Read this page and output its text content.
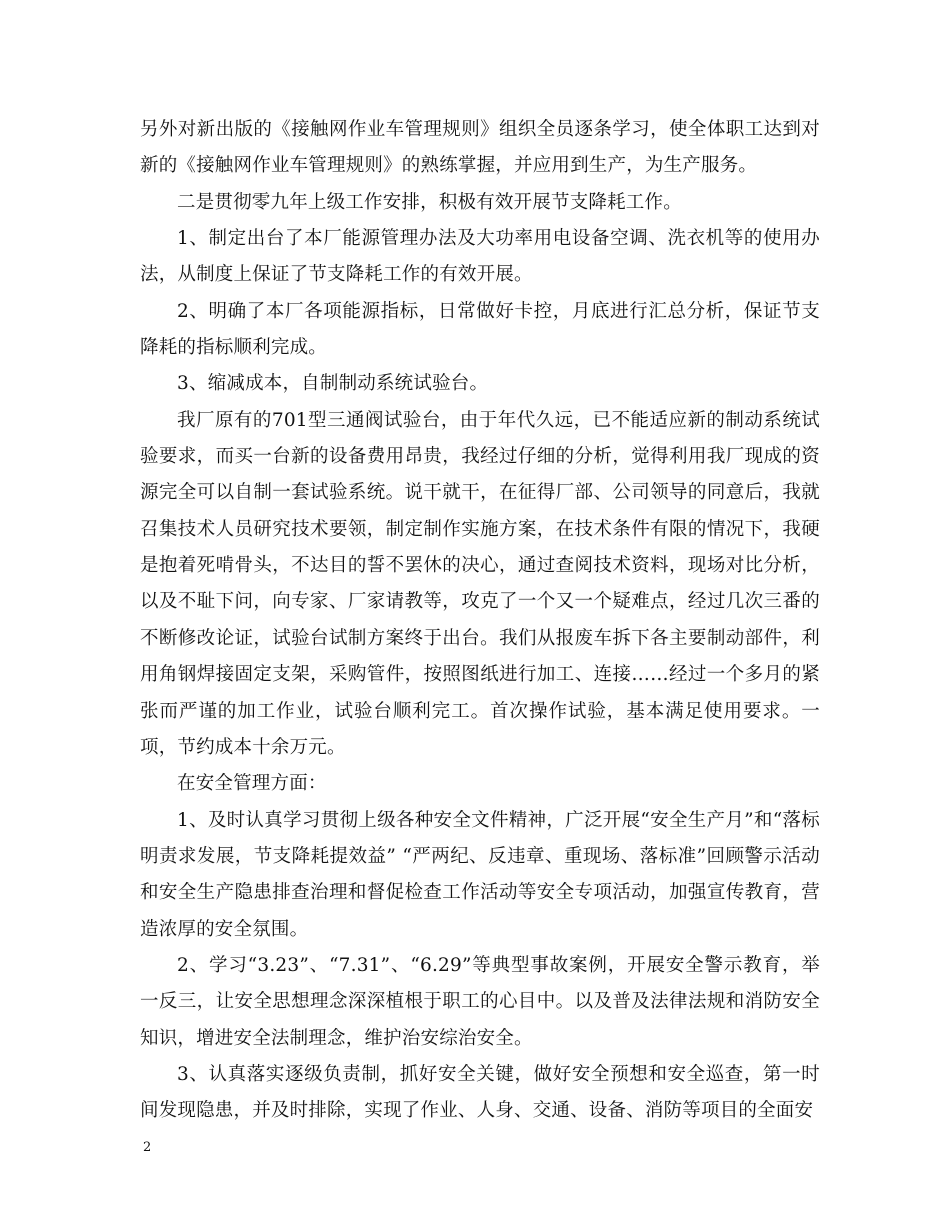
另外对新出版的《接触网作业车管理规则》组织全员逐条学习，使全体职工达到对新的《接触网作业车管理规则》的熟练掌握，并应用到生产，为生产服务。

二是贯彻零九年上级工作安排，积极有效开展节支降耗工作。

1、制定出台了本厂能源管理办法及大功率用电设备空调、洗衣机等的使用办法，从制度上保证了节支降耗工作的有效开展。

2、明确了本厂各项能源指标，日常做好卡控，月底进行汇总分析，保证节支降耗的指标顺利完成。

3、缩减成本，自制制动系统试验台。

我厂原有的701型三通阀试验台，由于年代久远，已不能适应新的制动系统试验要求，而买一台新的设备费用昂贵，我经过仔细的分析，觉得利用我厂现成的资源完全可以自制一套试验系统。说干就干，在征得厂部、公司领导的同意后，我就召集技术人员研究技术要领，制定制作实施方案，在技术条件有限的情况下，我硬是抱着死啃骨头，不达目的誓不罢休的决心，通过查阅技术资料，现场对比分析，以及不耻下问，向专家、厂家请教等，攻克了一个又一个疑难点，经过几次三番的不断修改论证，试验台试制方案终于出台。我们从报废车拆下各主要制动部件，利用角钢焊接固定支架，采购管件，按照图纸进行加工、连接……经过一个多月的紧张而严谨的加工作业，试验台顺利完工。首次操作试验，基本满足使用要求。一项，节约成本十余万元。

在安全管理方面：

1、及时认真学习贯彻上级各种安全文件精神，广泛开展“安全生产月”和“落标明责求发展，节支降耗提效益” “严两纪、反违章、重现场、落标准”回顾警示活动和安全生产隐患排查治理和督促检查工作活动等安全专项活动，加强宣传教育，营造浓厚的安全氛围。

2、学习“3.23”、“7.31”、“6.29”等典型事故案例，开展安全警示教育，举一反三，让安全思想理念深深植根于职工的心目中。以及普及法律法规和消防安全知识，增进安全法制理念，维护治安综治安全。

3、认真落实逐级负责制，抓好安全关键，做好安全预想和安全巡查，第一时间发现隐患，并及时排除，实现了作业、人身、交通、设备、消防等项目的全面安

2
